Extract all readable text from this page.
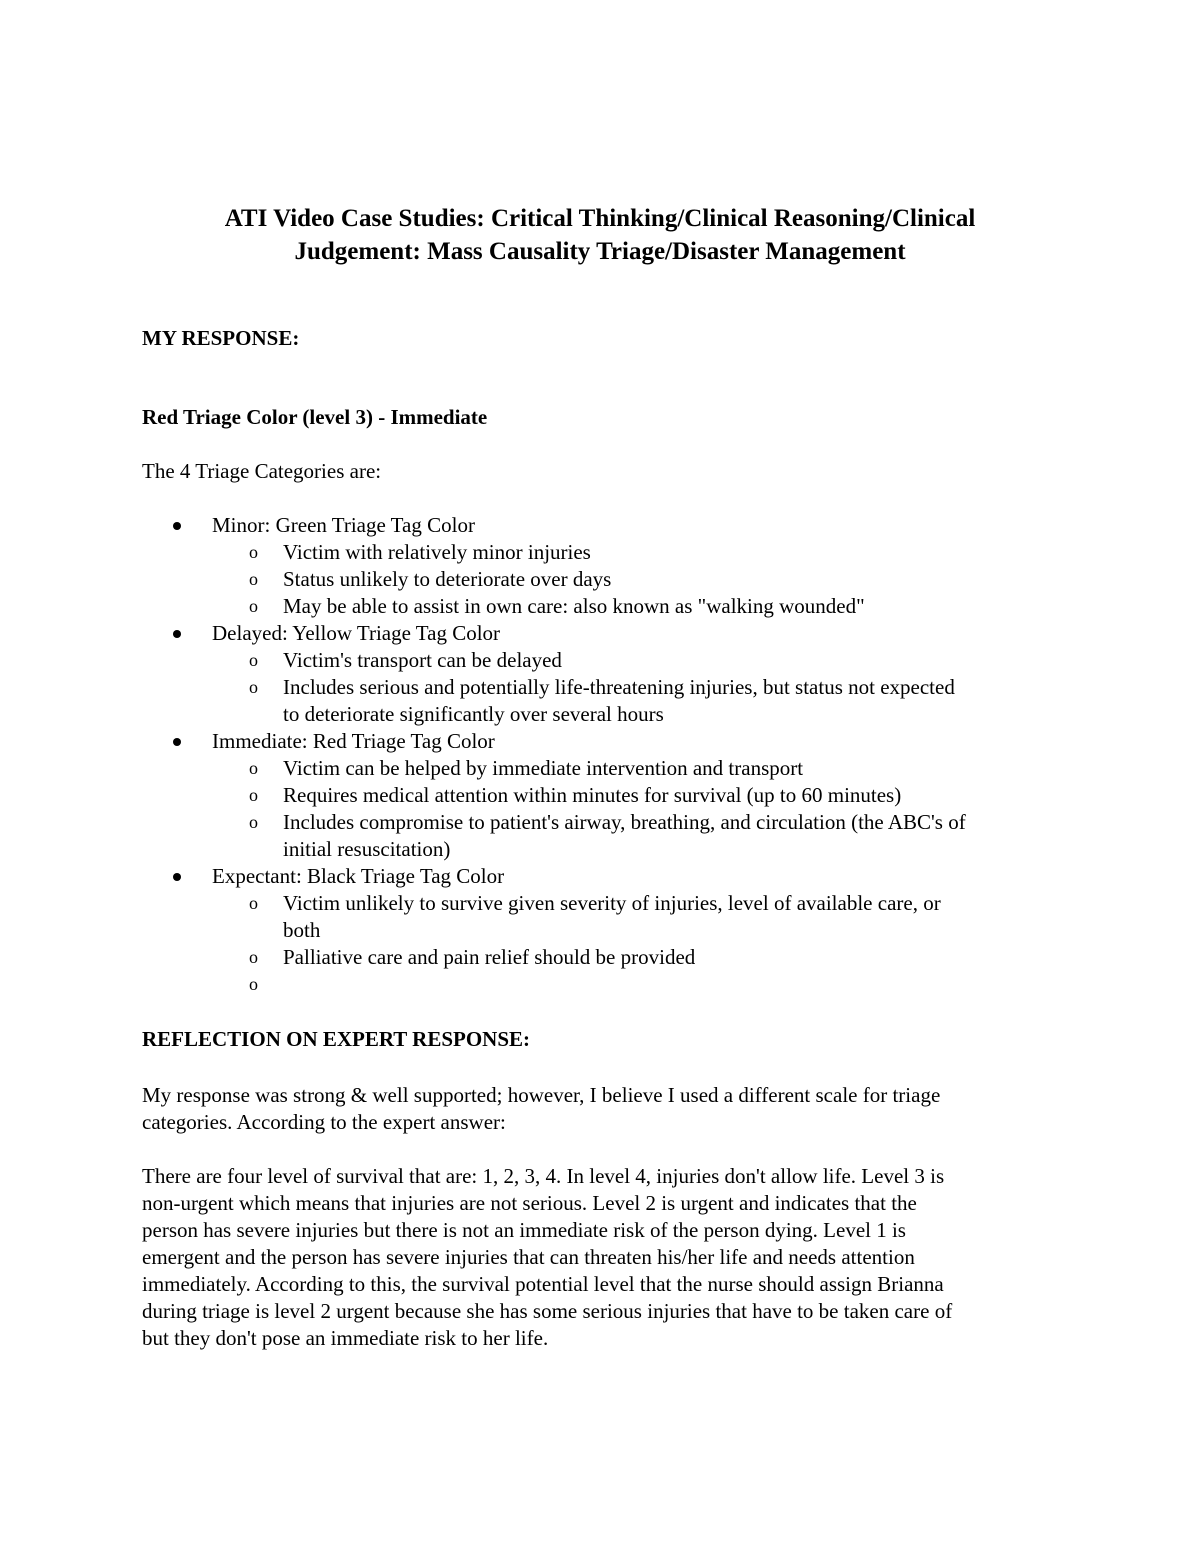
ATI Video Case Studies: Critical Thinking/Clinical Reasoning/Clinical
Judgement: Mass Causality Triage/Disaster Management
MY RESPONSE:
Red Triage Color (level 3) - Immediate
The 4 Triage Categories are:
Minor: Green Triage Tag Color
o Victim with relatively minor injuries
o Status unlikely to deteriorate over days
o May be able to assist in own care: also known as "walking wounded"
Delayed: Yellow Triage Tag Color
o Victim's transport can be delayed
o Includes serious and potentially life-threatening injuries, but status not expected
to deteriorate significantly over several hours
Immediate: Red Triage Tag Color
o Victim can be helped by immediate intervention and transport
o Requires medical attention within minutes for survival (up to 60 minutes)
o Includes compromise to patient's airway, breathing, and circulation (the ABC's of
initial resuscitation)
Expectant: Black Triage Tag Color
o Victim unlikely to survive given severity of injuries, level of available care, or
both
o Palliative care and pain relief should be provided
o
REFLECTION ON EXPERT RESPONSE:
My response was strong & well supported; however, I believe I used a different scale for triage
categories. According to the expert answer:
There are four level of survival that are: 1, 2, 3, 4. In level 4, injuries don't allow life. Level 3 is
non-urgent which means that injuries are not serious. Level 2 is urgent and indicates that the
person has severe injuries but there is not an immediate risk of the person dying. Level 1 is
emergent and the person has severe injuries that can threaten his/her life and needs attention
immediately. According to this, the survival potential level that the nurse should assign Brianna
during triage is level 2 urgent because she has some serious injuries that have to be taken care of
but they don't pose an immediate risk to her life.
